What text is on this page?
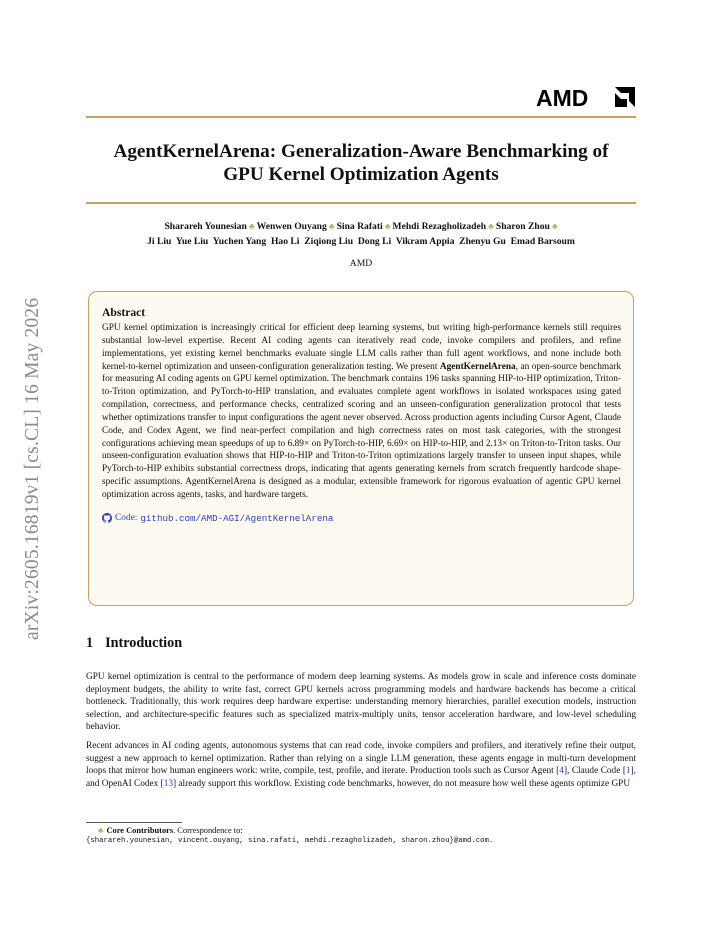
arXiv:2605.16819v1 [cs.CL] 16 May 2026
AMD
AgentKernelArena: Generalization-Aware Benchmarking of
GPU Kernel Optimization Agents
Sharareh Younesian ♣ Wenwen Ouyang ♣ Sina Rafati ♣ Mehdi Rezagholizadeh ♣ Sharon Zhou ♣
Ji Liu Yue Liu Yuchen Yang Hao Li Ziqiong Liu Dong Li Vikram Appia Zhenyu Gu Emad Barsoum
AMD
Abstract

GPU kernel optimization is increasingly critical for efficient deep learning systems, but writing high-performance kernels still requires substantial low-level expertise. Recent AI coding agents can iteratively read code, invoke compilers and profilers, and refine implementations, yet existing kernel benchmarks evaluate single LLM calls rather than full agent workflows, and none include both kernel-to-kernel optimization and unseen-configuration generalization testing. We present AgentKernelArena, an open-source benchmark for measuring AI coding agents on GPU kernel optimization. The benchmark contains 196 tasks spanning HIP-to-HIP optimization, Triton-to-Triton optimization, and PyTorch-to-HIP translation, and evaluates complete agent workflows in isolated workspaces using gated compilation, correctness, and performance checks, centralized scoring and an unseen-configuration generalization protocol that tests whether optimizations transfer to input configurations the agent never observed. Across production agents including Cursor Agent, Claude Code, and Codex Agent, we find near-perfect compilation and high correctness rates on most task categories, with the strongest configurations achieving mean speedups of up to 6.89× on PyTorch-to-HIP, 6.69× on HIP-to-HIP, and 2.13× on Triton-to-Triton tasks. Our unseen-configuration evaluation shows that HIP-to-HIP and Triton-to-Triton optimizations largely transfer to unseen input shapes, while PyTorch-to-HIP exhibits substantial correctness drops, indicating that agents generating kernels from scratch frequently hardcode shape-specific assumptions. AgentKernelArena is designed as a modular, extensible framework for rigorous evaluation of agentic GPU kernel optimization across agents, tasks, and hardware targets.

Code: github.com/AMD-AGI/AgentKernelArena
1 Introduction
GPU kernel optimization is central to the performance of modern deep learning systems. As models grow in scale and inference costs dominate deployment budgets, the ability to write fast, correct GPU kernels across programming models and hardware backends has become a critical bottleneck. Traditionally, this work requires deep hardware expertise: understanding memory hierarchies, parallel execution models, instruction selection, and architecture-specific features such as specialized matrix-multiply units, tensor acceleration hardware, and low-level scheduling behavior.
Recent advances in AI coding agents, autonomous systems that can read code, invoke compilers and profilers, and iteratively refine their output, suggest a new approach to kernel optimization. Rather than relying on a single LLM generation, these agents engage in multi-turn development loops that mirror how human engineers work: write, compile, test, profile, and iterate. Production tools such as Cursor Agent [4], Claude Code [1], and OpenAI Codex [13] already support this workflow. Existing code benchmarks, however, do not measure how well these agents optimize GPU
♣ Core Contributors. Correspondence to:
{sharareh.younesian, vincent.ouyang, sina.rafati, mehdi.rezagholizadeh, sharon.zhou}@amd.com.
